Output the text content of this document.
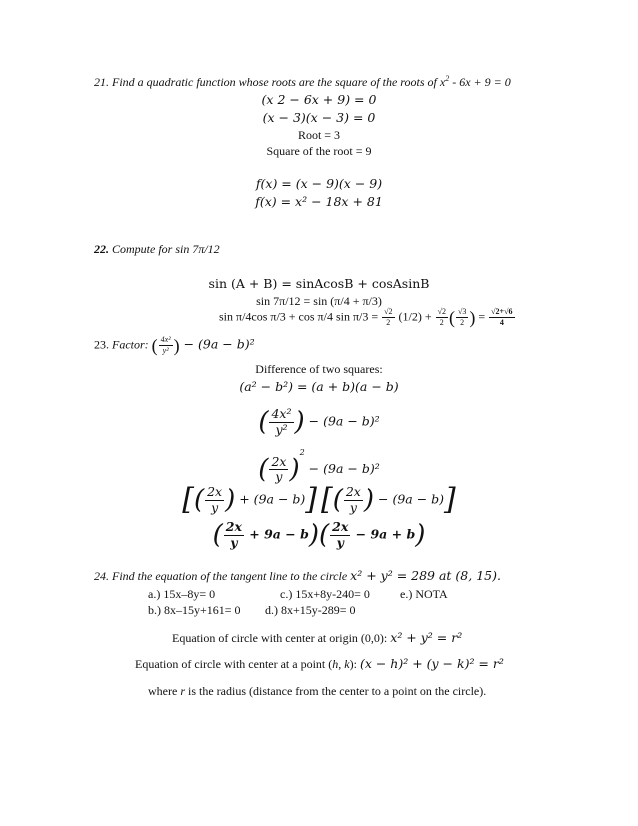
21. Find a quadratic function whose roots are the square of the roots of $x^2 - 6x + 9 = 0$
(x 2 − 6x + 9) = 0
(x − 3)(x − 3) = 0
Root = 3
Square of the root = 9
f(x) = (x − 9)(x − 9)
f(x) = x² − 18x + 81
22. Compute for sin 7π/12
sin (A + B) = sinAcosB + cosAsinB
sin 7π/12 = sin (π/4 + π/3)
sin π/4cos π/3 + cos π/4 $\sin \pi/3 = \frac{√2}{2} (1/2) + \frac{√2}{2}$ ( $\frac{√3}{2}$ ) = $\frac{√2+√6}{4}$
23. Factor: ( $\frac{\text{4x²}}{\text{y²}}$ ) − (9a − b)²
Difference of two squares:
(a² − b²) = (a + b)(a − b)
( $\frac{\text{4x²}}{\text{y²}}$ ) − (9a − b)²
( $\frac{2x}{y} )^2 - (9a - b)^2$
[( $\frac{2x}{y}$ ) + (9a − b)] [( $\frac{2x}{y}$ ) − (9a − b)]
( $\frac{2x}{y} + 9a - b)( \frac{2x}{y} - 9a + b)$
24. Find the equation of the tangent line to the circle x² + y² = 289 at (8, 15).
a.) 15x–8y= 0	c.) 15x+8y-240= 0	e.) NOTA
b.) 8x–15y+161= 0 d.) 8x+15y-289= 0
Equation of circle with center at origin (0,0): x² + y² = r²
Equation of circle with center at a point (h, k): (x − h)² + (y − k)² = r²
where r is the radius (distance from the center to a point on the circle).
